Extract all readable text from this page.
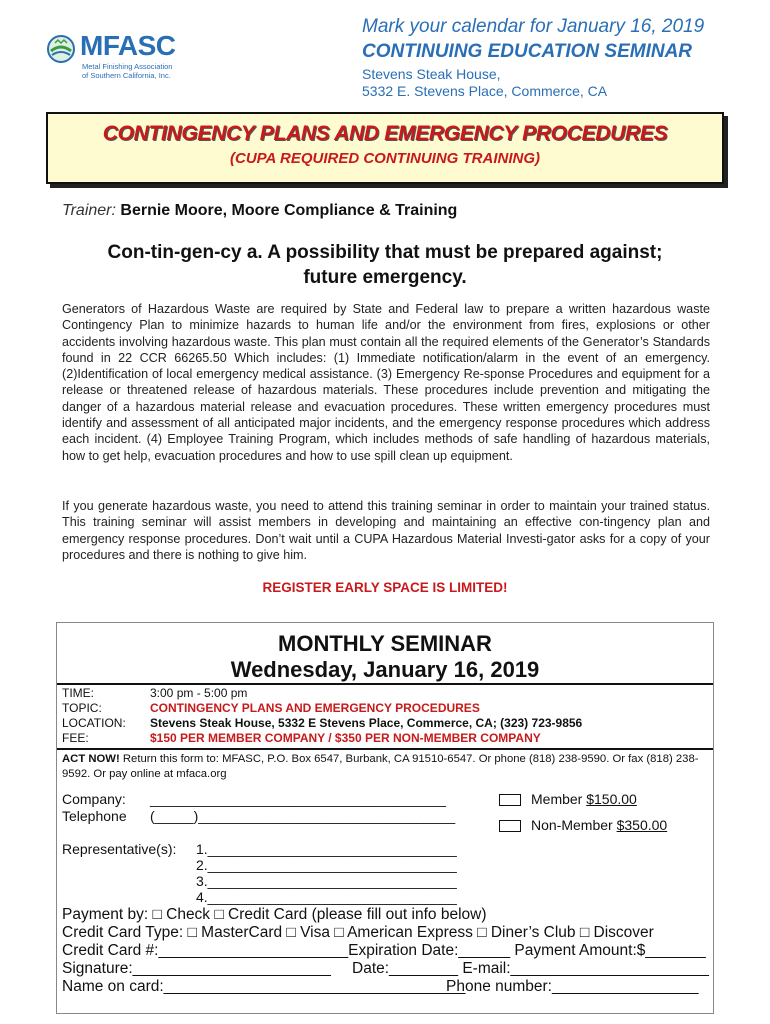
MFASC
Metal Finishing Association
of Southern California, Inc.
Mark your calendar for January 16, 2019
CONTINUING EDUCATION SEMINAR
Stevens Steak House,
5332 E. Stevens Place, Commerce, CA
CONTINGENCY PLANS AND EMERGENCY PROCEDURES
(CUPA REQUIRED CONTINUING TRAINING)
Trainer: Bernie Moore, Moore Compliance & Training
Con-tin-gen-cy a. A possibility that must be prepared against;
future emergency.
Generators of Hazardous Waste are required by State and Federal law to prepare a written hazardous waste Contingency Plan to minimize hazards to human life and/or the environment from fires, explosions or other accidents involving hazardous waste. This plan must contain all the required elements of the Generator’s Standards found in 22 CCR 66265.50 Which includes: (1) Immediate notification/alarm in the event of an emergency. (2)Identification of local emergency medical assistance. (3) Emergency Re-sponse Procedures and equipment for a release or threatened release of hazardous materials. These procedures include prevention and mitigating the danger of a hazardous material release and evacuation procedures. These written emergency procedures must identify and assessment of all anticipated major incidents, and the emergency response procedures which address each incident. (4) Employee Training Program, which includes methods of safe handling of hazardous materials, how to get help, evacuation procedures and how to use spill clean up equipment.
If you generate hazardous waste, you need to attend this training seminar in order to maintain your trained status. This training seminar will assist members in developing and maintaining an effective con-tingency plan and emergency response procedures. Don’t wait until a CUPA Hazardous Material Investi-gator asks for a copy of your procedures and there is nothing to give him.
REGISTER EARLY SPACE IS LIMITED!
MONTHLY SEMINAR
Wednesday, January 16, 2019
TIME:	3:00 pm - 5:00 pm
TOPIC:	CONTINGENCY PLANS AND EMERGENCY PROCEDURES
LOCATION: Stevens Steak House, 5332 E Stevens Place, Commerce, CA; (323) 723-9856
FEE:	$150 PER MEMBER COMPANY / $350 PER NON-MEMBER COMPANY
ACT NOW! Return this form to: MFASC, P.O. Box 6547, Burbank, CA 91510-6547. Or phone (818) 238-9590. Or fax (818) 238-9592. Or pay online at mfaca.org
Company: ______________________________________
Telephone (_____)_________________________________
Member $150.00
Non-Member $350.00
Representative(s): 1.________________________________
2.________________________________
3.________________________________
4.________________________________
Payment by: □ Check □ Credit Card (please fill out info below)
Credit Card Type: □ MasterCard □ Visa □ American Express □ Diner’s Club □ Discover
Credit Card #:______________________Expiration Date:______ Payment Amount:$_______
Signature:_______________________ Date:________ E-mail:_______________________
Name on card:___________________________________
Phone number:_________________
